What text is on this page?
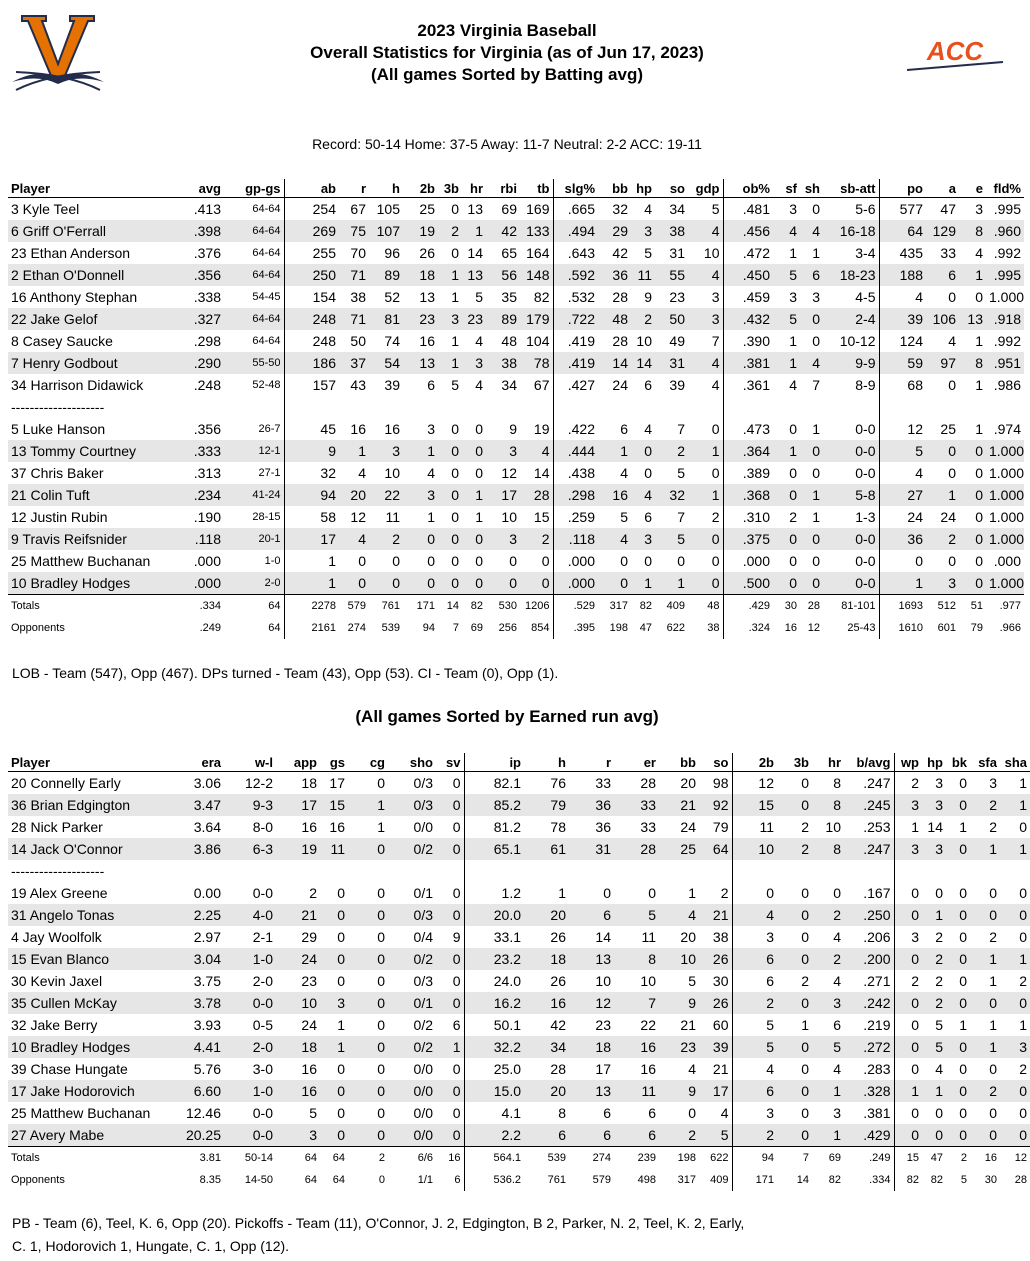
ACC
2023 Virginia Baseball
Overall Statistics for Virginia (as of Jun 17, 2023)
(All games Sorted by Batting avg)
Record: 50-14 Home: 37-5 Away: 11-7 Neutral: 2-2 ACC: 19-11
Player	avg	gp-gs	ab	r	h	2b	3b	hr	rbi	tb	slg%	bb	hp	so	gdp	ob%	sf	sh	sb-att	po	a	e	fld%
3 Kyle Teel	.413	64-64	254	67	105	25	0	13	69	169	.665	32	4	34	5	.481	3	0	5-6	577	47	3	.995
6 Griff O'Ferrall	.398	64-64	269	75	107	19	2	1	42	133	.494	29	3	38	4	.456	4	4	16-18	64	129	8	.960
23 Ethan Anderson	.376	64-64	255	70	96	26	0	14	65	164	.643	42	5	31	10	.472	1	1	3-4	435	33	4	.992
2 Ethan O'Donnell	.356	64-64	250	71	89	18	1	13	56	148	.592	36	11	55	4	.450	5	6	18-23	188	6	1	.995
16 Anthony Stephan	.338	54-45	154	38	52	13	1	5	35	82	.532	28	9	23	3	.459	3	3	4-5	4	0	0	1.000
22 Jake Gelof	.327	64-64	248	71	81	23	3	23	89	179	.722	48	2	50	3	.432	5	0	2-4	39	106	13	.918
8 Casey Saucke	.298	64-64	248	50	74	16	1	4	48	104	.419	28	10	49	7	.390	1	0	10-12	124	4	1	.992
7 Henry Godbout	.290	55-50	186	37	54	13	1	3	38	78	.419	14	14	31	4	.381	1	4	9-9	59	97	8	.951
34 Harrison Didawick	.248	52-48	157	43	39	6	5	4	34	67	.427	24	6	39	4	.361	4	7	8-9	68	0	1	.986
--------------------																							
5 Luke Hanson	.356	26-7	45	16	16	3	0	0	9	19	.422	6	4	7	0	.473	0	1	0-0	12	25	1	.974
13 Tommy Courtney	.333	12-1	9	1	3	1	0	0	3	4	.444	1	0	2	1	.364	1	0	0-0	5	0	0	1.000
37 Chris Baker	.313	27-1	32	4	10	4	0	0	12	14	.438	4	0	5	0	.389	0	0	0-0	4	0	0	1.000
21 Colin Tuft	.234	41-24	94	20	22	3	0	1	17	28	.298	16	4	32	1	.368	0	1	5-8	27	1	0	1.000
12 Justin Rubin	.190	28-15	58	12	11	1	0	1	10	15	.259	5	6	7	2	.310	2	1	1-3	24	24	0	1.000
9 Travis Reifsnider	.118	20-1	17	4	2	0	0	0	3	2	.118	4	3	5	0	.375	0	0	0-0	36	2	0	1.000
25 Matthew Buchanan	.000	1-0	1	0	0	0	0	0	0	0	.000	0	0	0	0	.000	0	0	0-0	0	0	0	.000
10 Bradley Hodges	.000	2-0	1	0	0	0	0	0	0	0	.000	0	1	1	0	.500	0	0	0-0	1	3	0	1.000
Totals	.334	64	2278	579	761	171	14	82	530	1206	.529	317	82	409	48	.429	30	28	81-101	1693	512	51	.977
Opponents	.249	64	2161	274	539	94	7	69	256	854	.395	198	47	622	38	.324	16	12	25-43	1610	601	79	.966
LOB - Team (547), Opp (467). DPs turned - Team (43), Opp (53). CI - Team (0), Opp (1).
(All games Sorted by Earned run avg)
Player	era	w-l	app	gs	cg	sho	sv	ip	h	r	er	bb	so	2b	3b	hr	b/avg	wp	hp	bk	sfa	sha
20 Connelly Early	3.06	12-2	18	17	0	0/3	0	82.1	76	33	28	20	98	12	0	8	.247	2	3	0	3	1
36 Brian Edgington	3.47	9-3	17	15	1	0/3	0	85.2	79	36	33	21	92	15	0	8	.245	3	3	0	2	1
28 Nick Parker	3.64	8-0	16	16	1	0/0	0	81.2	78	36	33	24	79	11	2	10	.253	1	14	1	2	0
14 Jack O'Connor	3.86	6-3	19	11	0	0/2	0	65.1	61	31	28	25	64	10	2	8	.247	3	3	0	1	1
--------------------																						
19 Alex Greene	0.00	0-0	2	0	0	0/1	0	1.2	1	0	0	1	2	0	0	0	.167	0	0	0	0	0
31 Angelo Tonas	2.25	4-0	21	0	0	0/3	0	20.0	20	6	5	4	21	4	0	2	.250	0	1	0	0	0
4 Jay Woolfolk	2.97	2-1	29	0	0	0/4	9	33.1	26	14	11	20	38	3	0	4	.206	3	2	0	2	0
15 Evan Blanco	3.04	1-0	24	0	0	0/2	0	23.2	18	13	8	10	26	6	0	2	.200	0	2	0	1	1
30 Kevin Jaxel	3.75	2-0	23	0	0	0/3	0	24.0	26	10	10	5	30	6	2	4	.271	2	2	0	1	2
35 Cullen McKay	3.78	0-0	10	3	0	0/1	0	16.2	16	12	7	9	26	2	0	3	.242	0	2	0	0	0
32 Jake Berry	3.93	0-5	24	1	0	0/2	6	50.1	42	23	22	21	60	5	1	6	.219	0	5	1	1	1
10 Bradley Hodges	4.41	2-0	18	1	0	0/2	1	32.2	34	18	16	23	39	5	0	5	.272	0	5	0	1	3
39 Chase Hungate	5.76	3-0	16	0	0	0/0	0	25.0	28	17	16	4	21	4	0	4	.283	0	4	0	0	2
17 Jake Hodorovich	6.60	1-0	16	0	0	0/0	0	15.0	20	13	11	9	17	6	0	1	.328	1	1	0	2	0
25 Matthew Buchanan	12.46	0-0	5	0	0	0/0	0	4.1	8	6	6	0	4	3	0	3	.381	0	0	0	0	0
27 Avery Mabe	20.25	0-0	3	0	0	0/0	0	2.2	6	6	6	2	5	2	0	1	.429	0	0	0	0	0
Totals	3.81	50-14	64	64	2	6/6	16	564.1	539	274	239	198	622	94	7	69	.249	15	47	2	16	12
Opponents	8.35	14-50	64	64	0	1/1	6	536.2	761	579	498	317	409	171	14	82	.334	82	82	5	30	28
PB - Team (6), Teel, K. 6, Opp (20). Pickoffs - Team (11), O'Connor, J. 2, Edgington, B 2, Parker, N. 2, Teel, K. 2, Early,
C. 1, Hodorovich 1, Hungate, C. 1, Opp (12).
